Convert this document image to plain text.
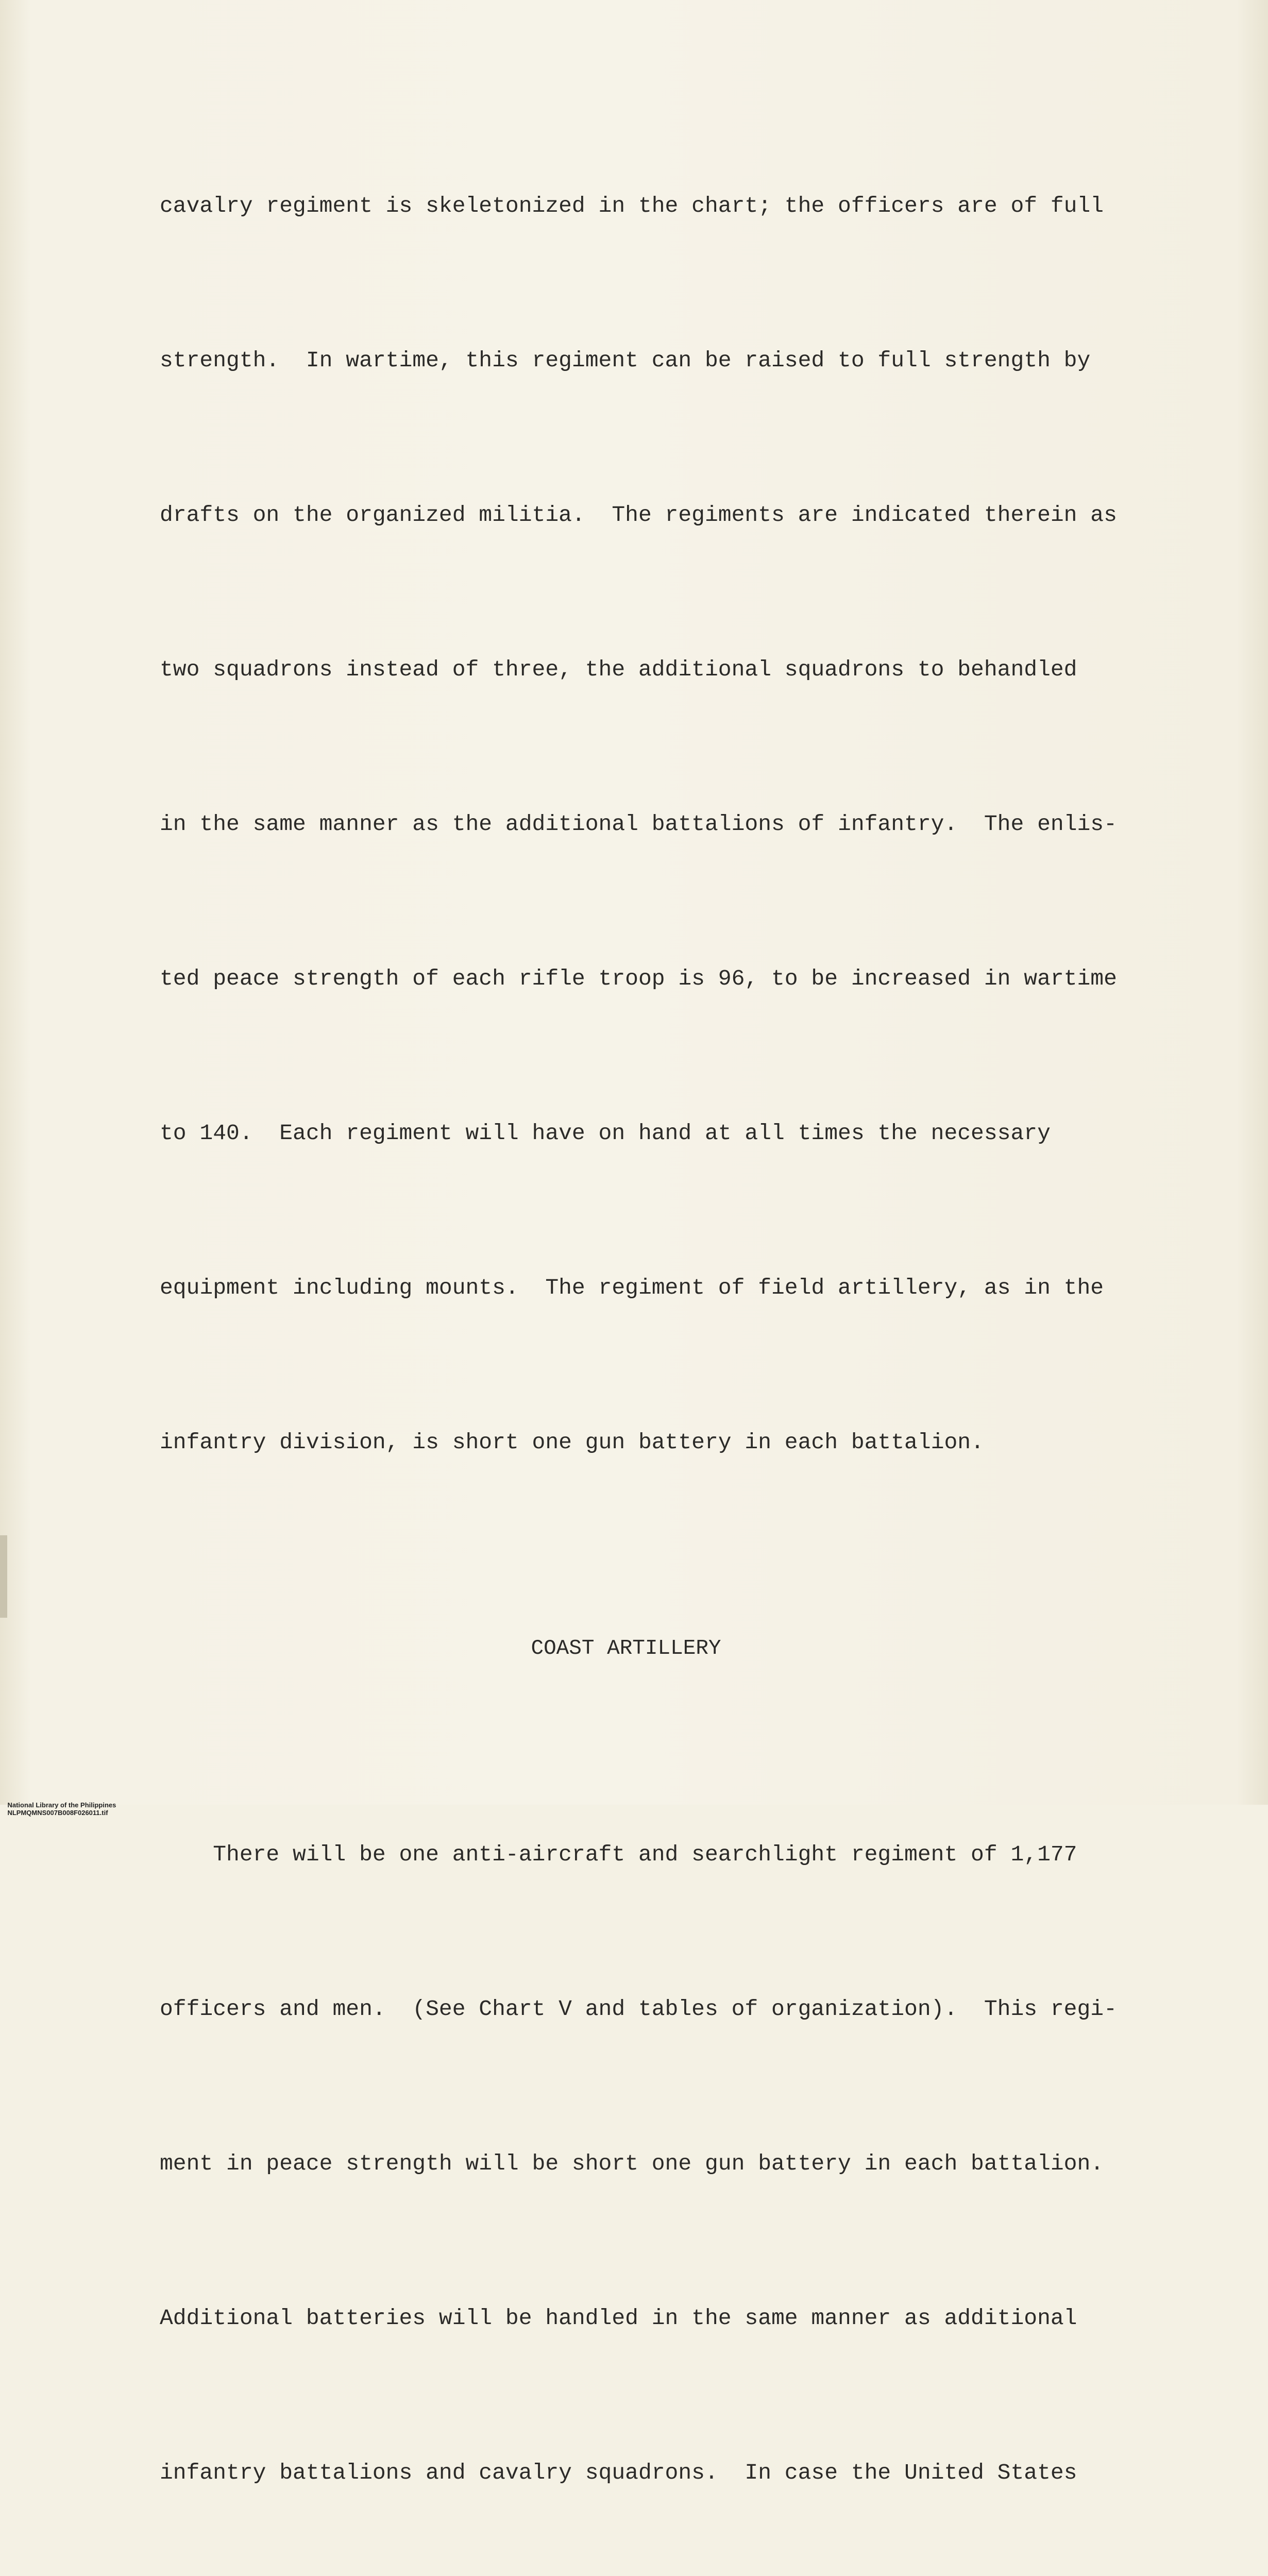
cavalry regiment is skeletonized in the chart; the officers are of full

strength.  In wartime, this regiment can be raised to full strength by

drafts on the organized militia.  The regiments are indicated therein as

two squadrons instead of three, the additional squadrons to behandled

in the same manner as the additional battalions of infantry.  The enlis-

ted peace strength of each rifle troop is 96, to be increased in wartime

to 140.  Each regiment will have on hand at all times the necessary

equipment including mounts.  The regiment of field artillery, as in the

infantry division, is short one gun battery in each battalion.

COAST ARTILLERY

There will be one anti-aircraft and searchlight regiment of 1,177

officers and men.  (See Chart V and tables of organization).  This regi-

ment in peace strength will be short one gun battery in each battalion.

Additional batteries will be handled in the same manner as additional

infantry battalions and cavalry squadrons.  In case the United States

National Library of the Philippines
NLPMQMNS007B008F026011.tif
